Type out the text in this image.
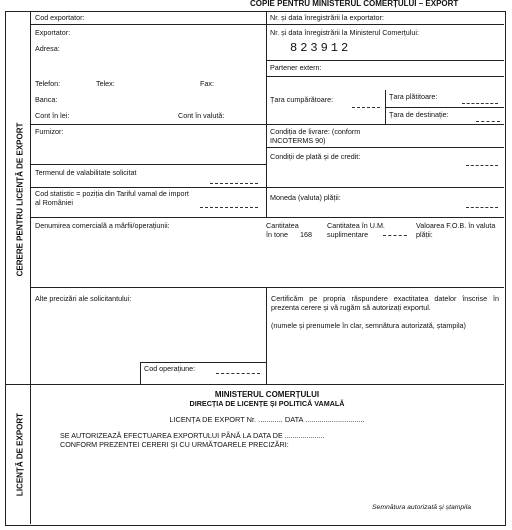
COPIE PENTRU MINISTERUL COMERȚULUI – EXPORT
CERERE PENTRU LICENȚĂ DE EXPORT
LICENȚĂ DE EXPORT
Cod exportator:
Exportator:
Adresa:
Telefon:	Telex:	Fax:
Banca:
Cont în lei:	Cont în valută:
Furnizor:
Termenul de valabilitate solicitat
Cod statistic = poziția din Tariful vamal de import al României
Denumirea comercială a mărfii/operațiunii:
Alte precizări ale solicitantului:
Cod operațiune:
Nr. și data înregistrării la exportator:
Nr. și data înregistrării la Ministerul Comerțului:
823912
Partener extern:
Țara cumpărătoare:	Țara plătitoare:
Țara de destinație:
Condiția de livrare: (conform INCOTERMS 90)
Condiții de plată și de credit:
Moneda (valuta) plății:
Cantitatea în tone	168
Cantitatea în U.M. suplimentare
Valoarea F.O.B. în valuta plății:
Certificăm pe propria răspundere exactitatea datelor înscrise în prezenta cerere și vă rugăm să autorizați exportul.
(numele și prenumele în clar, semnătura autorizată, ștampila)
MINISTERUL COMERȚULUI
DIRECȚIA DE LICENȚE ȘI POLITICĂ VAMALĂ
LICENȚA DE EXPORT Nr. ............ DATA .............................
SE AUTORIZEAZĂ EFECTUAREA EXPORTULUI PÂNĂ LA DATA DE ....................
CONFORM PREZENTEI CERERI ȘI CU URMĂTOARELE PRECIZĂRI:
Semnătura autorizată și ștampila
